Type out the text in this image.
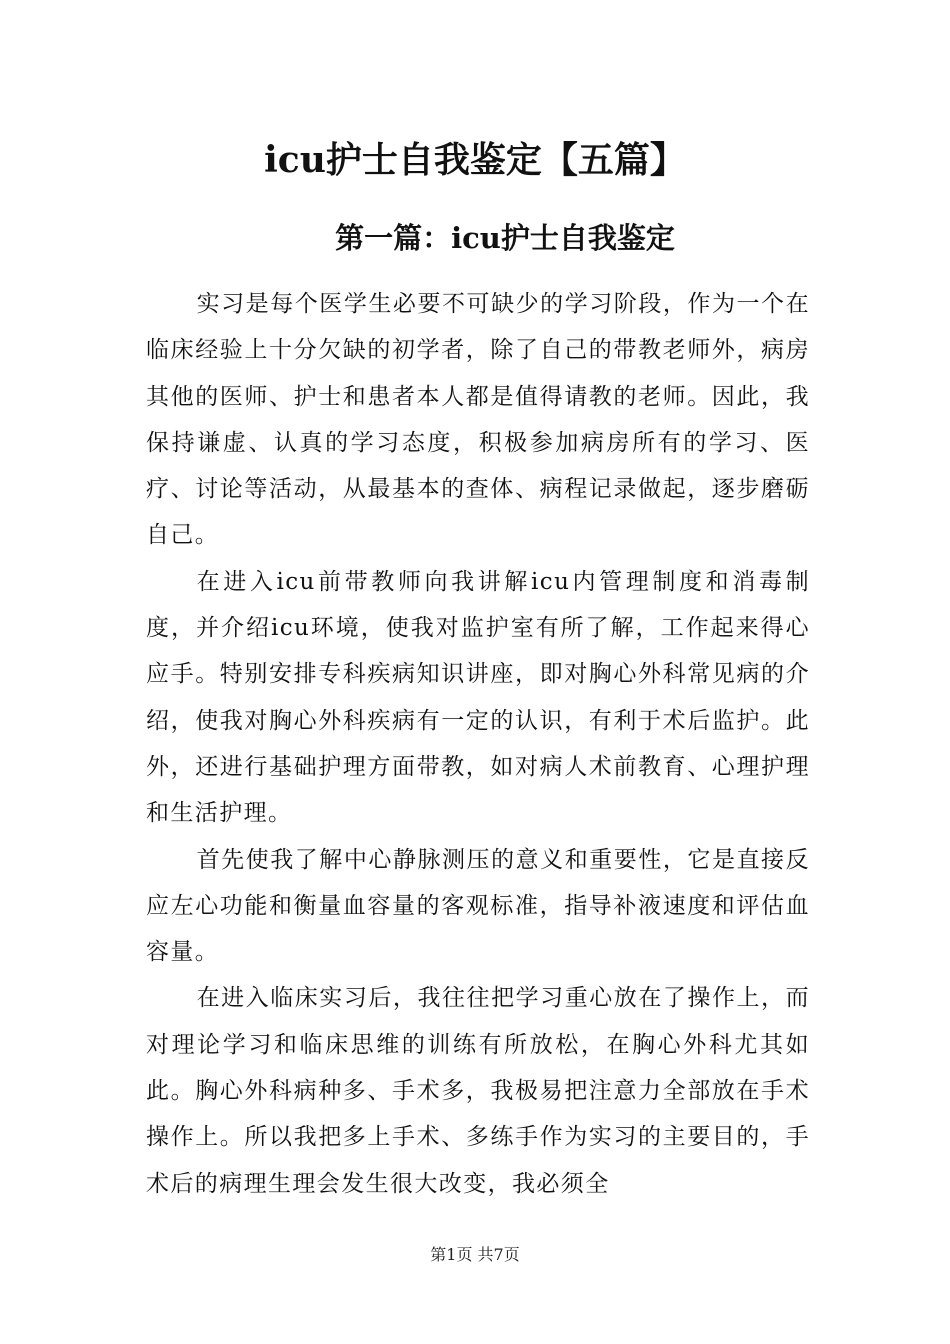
icu护士自我鉴定【五篇】
第一篇：icu护士自我鉴定

实习是每个医学生必要不可缺少的学习阶段，作为一个在临床经验上十分欠缺的初学者，除了自己的带教老师外，病房其他的医师、护士和患者本人都是值得请教的老师。因此，我保持谦虚、认真的学习态度，积极参加病房所有的学习、医疗、讨论等活动，从最基本的查体、病程记录做起，逐步磨砺自己。

在进入icu前带教师向我讲解icu内管理制度和消毒制度，并介绍icu环境，使我对监护室有所了解，工作起来得心应手。特别安排专科疾病知识讲座，即对胸心外科常见病的介绍，使我对胸心外科疾病有一定的认识，有利于术后监护。此外，还进行基础护理方面带教，如对病人术前教育、心理护理和生活护理。

首先使我了解中心静脉测压的意义和重要性，它是直接反应左心功能和衡量血容量的客观标准，指导补液速度和评估血容量。

在进入临床实习后，我往往把学习重心放在了操作上，而对理论学习和临床思维的训练有所放松，在胸心外科尤其如此。胸心外科病种多、手术多，我极易把注意力全部放在手术操作上。所以我把多上手术、多练手作为实习的主要目的，手术后的病理生理会发生很大改变，我必须全

第1页 共7页
